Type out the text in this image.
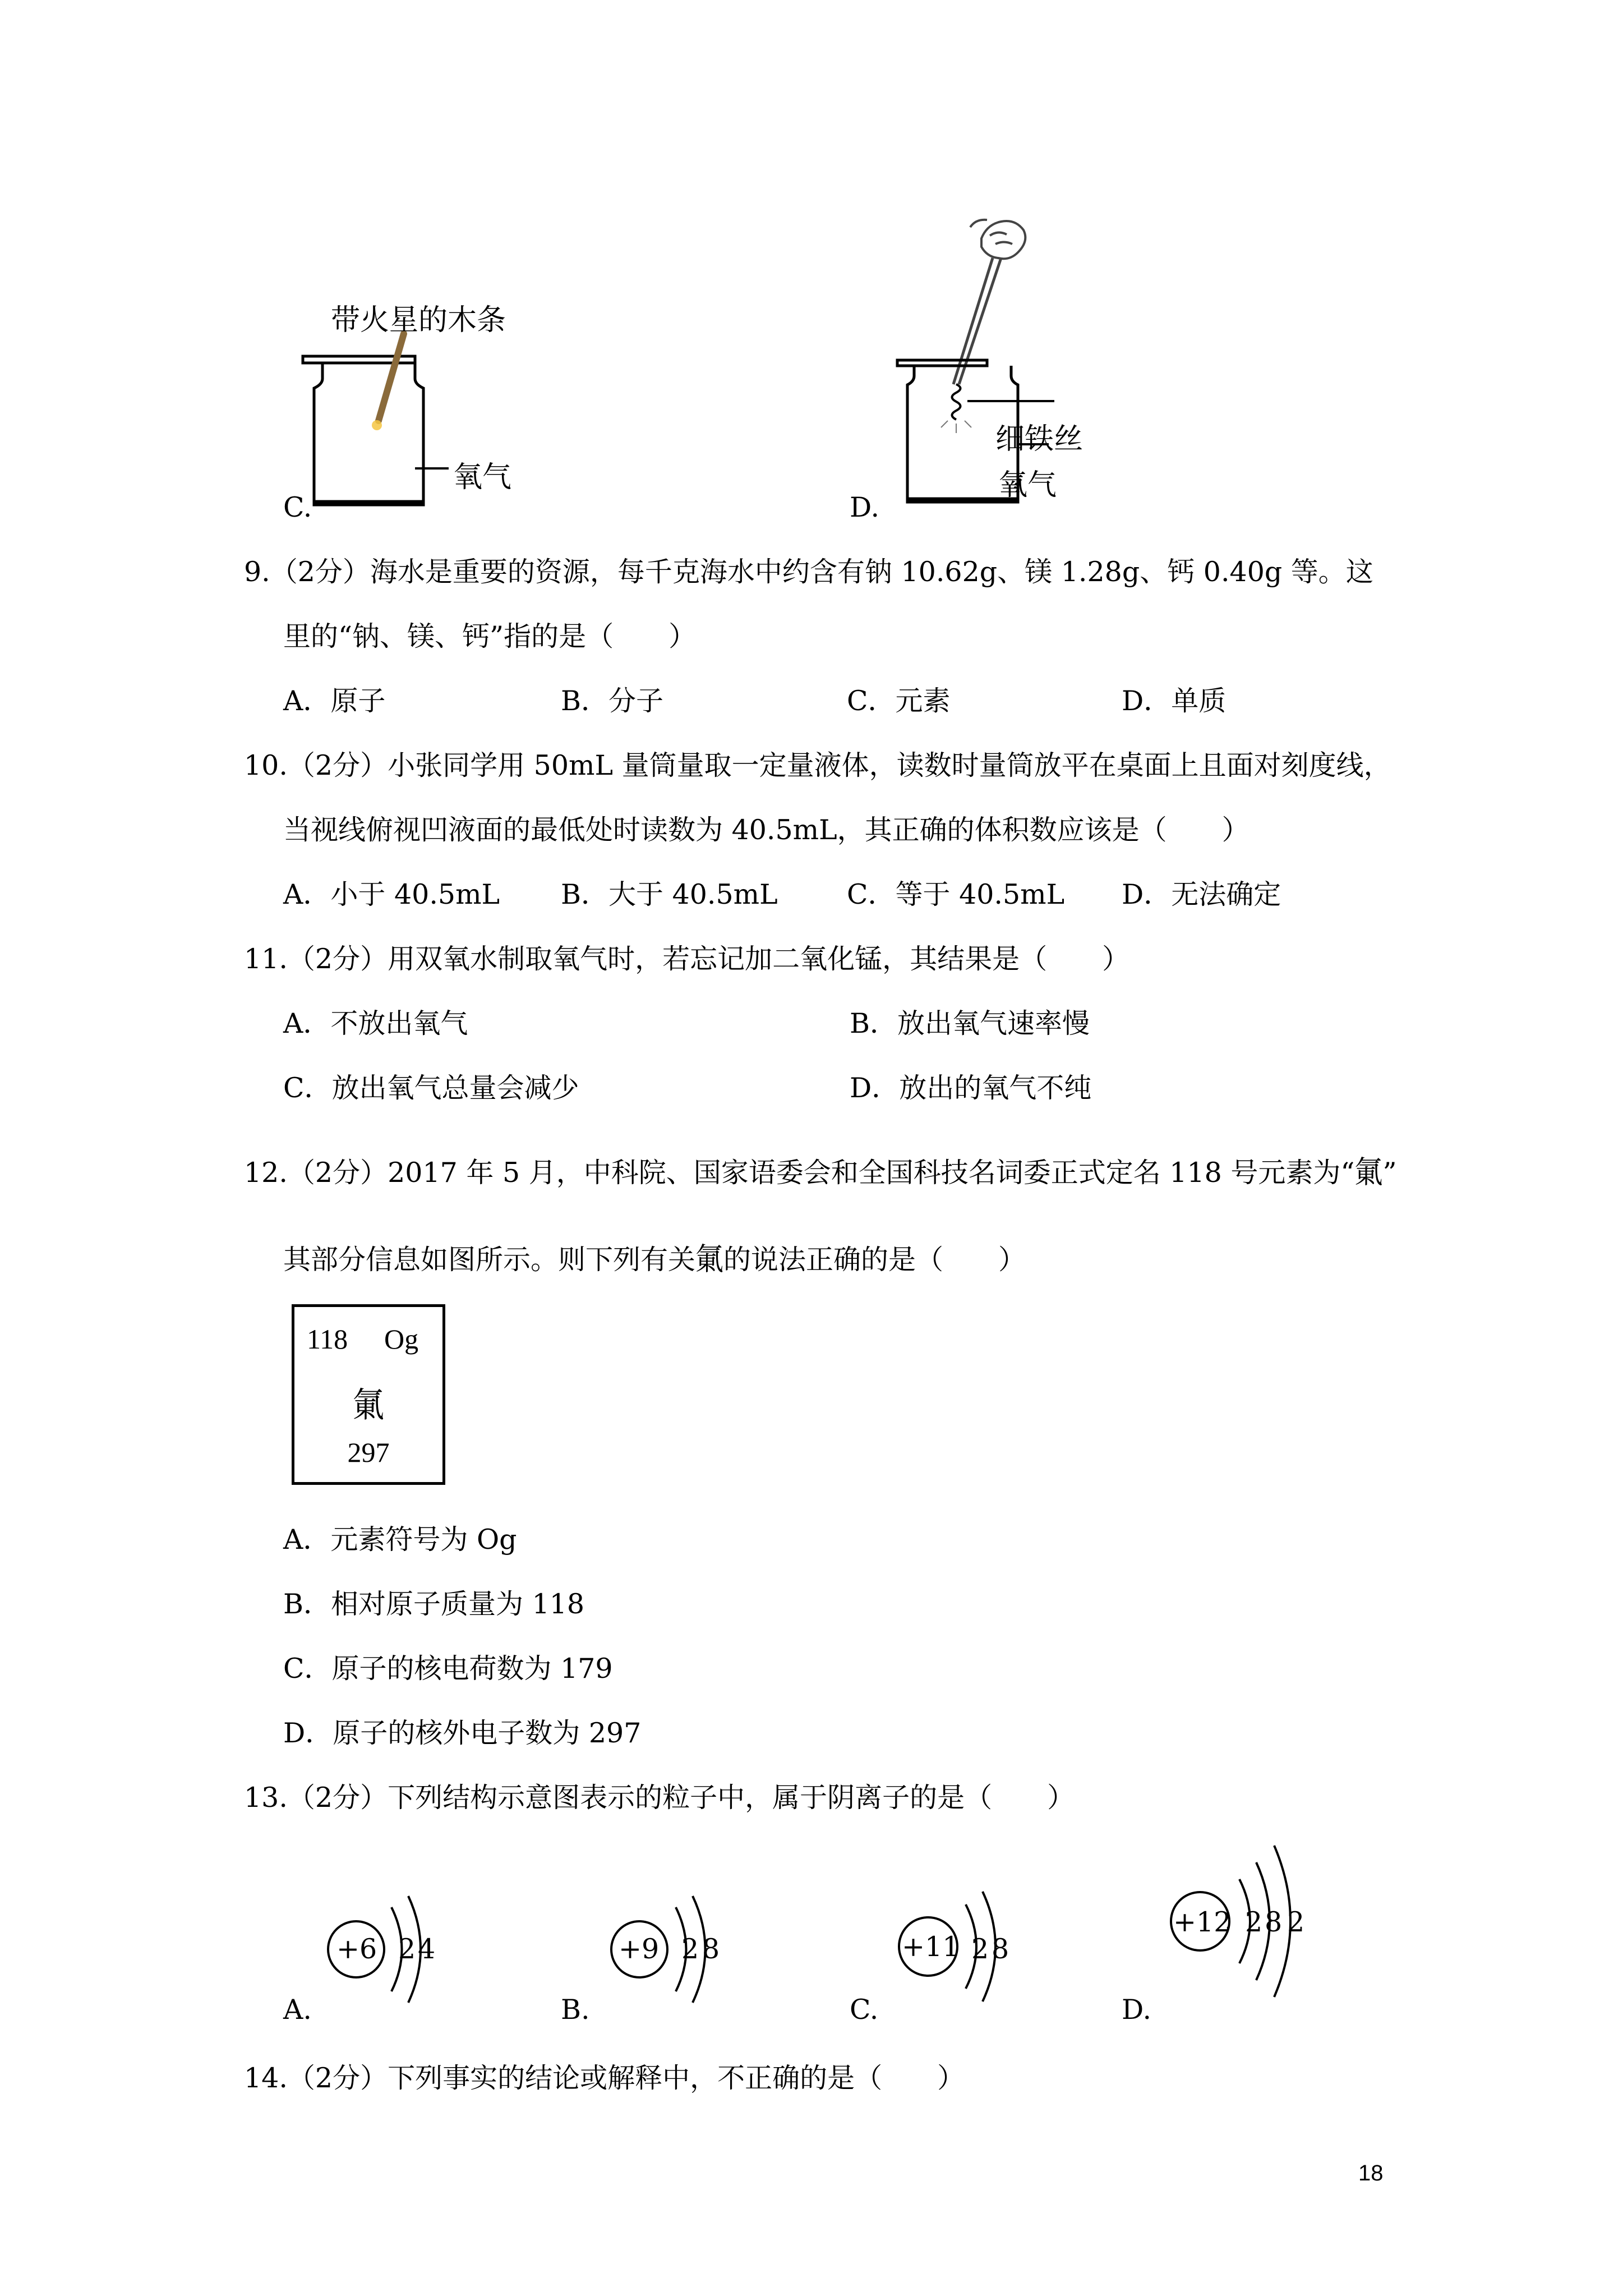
带火星的木条
氧气
C.
细铁丝
氧气
D.
9.（2分）海水是重要的资源，每千克海水中约含有钠 10.62g、镁 1.28g、钙 0.40g 等。这
里的“钠、镁、钙”指的是（　　）
A．原子	B．分子	C．元素	D．单质
10.（2分）小张同学用 50mL 量筒量取一定量液体，读数时量筒放平在桌面上且面对刻度线，
当视线俯视凹液面的最低处时读数为 40.5mL，其正确的体积数应该是（　　）
A．小于 40.5mL B．大于 40.5mL	C．等于 40.5mL D．无法确定
11.（2分）用双氧水制取氧气时，若忘记加二氧化锰，其结果是（　　）
A．不放出氧气	B．放出氧气速率慢
C．放出氧气总量会减少	D．放出的氧气不纯
12.（2分）2017 年 5 月，中科院、国家语委会和全国科技名词委正式定名 118 号元素为“氭”
其部分信息如图所示。则下列有关氭的说法正确的是（　　）
118 Og
氭
297
A．元素符号为 Og
B．相对原子质量为 118
C．原子的核电荷数为 179
D．原子的核外电子数为 297
13.（2分）下列结构示意图表示的粒子中，属于阴离子的是（　　）
+6 2 4
A.
+9 2 8
B.
+11 2 8
C.
+12 2 8 2
D.
14.（2分）下列事实的结论或解释中，不正确的是（　　）
18
